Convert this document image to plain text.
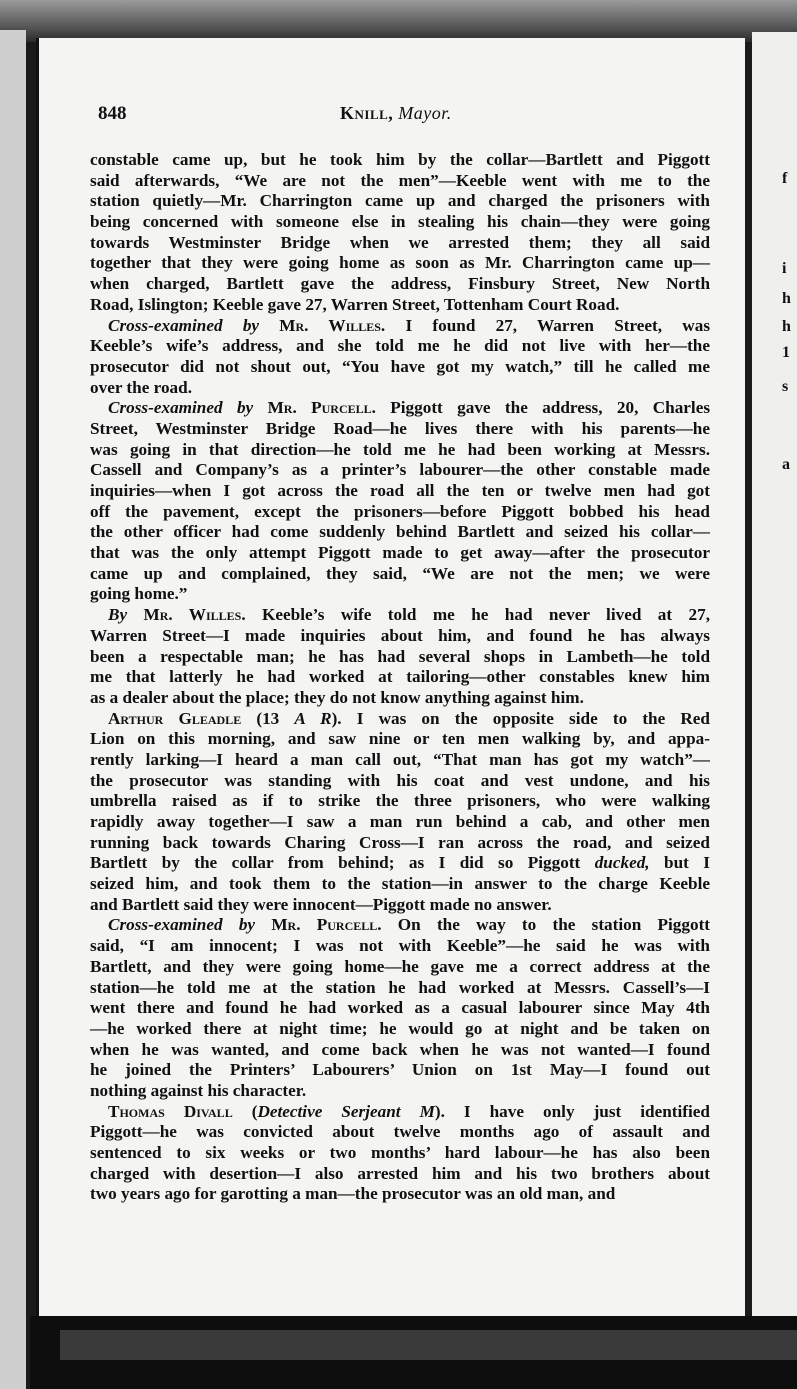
f
i
h
h
1
s
a
848	Knill, Mayor.
constable came up, but he took him by the collar—Bartlett and Piggott
said afterwards, “We are not the men”—Keeble went with me to the
station quietly—Mr. Charrington came up and charged the prisoners with
being concerned with someone else in stealing his chain—they were going
towards Westminster Bridge when we arrested them; they all said
together that they were going home as soon as Mr. Charrington came up—
when charged, Bartlett gave the address, Finsbury Street, New North
Road, Islington; Keeble gave 27, Warren Street, Tottenham Court Road.
Cross-examined by Mr. Willes. I found 27, Warren Street, was
Keeble’s wife’s address, and she told me he did not live with her—the
prosecutor did not shout out, “You have got my watch,” till he called me
over the road.
Cross-examined by Mr. Purcell. Piggott gave the address, 20, Charles
Street, Westminster Bridge Road—he lives there with his parents—he
was going in that direction—he told me he had been working at Messrs.
Cassell and Company’s as a printer’s labourer—the other constable made
inquiries—when I got across the road all the ten or twelve men had got
off the pavement, except the prisoners—before Piggott bobbed his head
the other officer had come suddenly behind Bartlett and seized his collar—
that was the only attempt Piggott made to get away—after the prosecutor
came up and complained, they said, “We are not the men; we were
going home.”
By Mr. Willes. Keeble’s wife told me he had never lived at 27,
Warren Street—I made inquiries about him, and found he has always
been a respectable man; he has had several shops in Lambeth—he told
me that latterly he had worked at tailoring—other constables knew him
as a dealer about the place; they do not know anything against him.
Arthur Gleadle (13 A R). I was on the opposite side to the Red
Lion on this morning, and saw nine or ten men walking by, and appa-
rently larking—I heard a man call out, “That man has got my watch”—
the prosecutor was standing with his coat and vest undone, and his
umbrella raised as if to strike the three prisoners, who were walking
rapidly away together—I saw a man run behind a cab, and other men
running back towards Charing Cross—I ran across the road, and seized
Bartlett by the collar from behind; as I did so Piggott ducked, but I
seized him, and took them to the station—in answer to the charge Keeble
and Bartlett said they were innocent—Piggott made no answer.
Cross-examined by Mr. Purcell. On the way to the station Piggott
said, “I am innocent; I was not with Keeble”—he said he was with
Bartlett, and they were going home—he gave me a correct address at the
station—he told me at the station he had worked at Messrs. Cassell’s—I
went there and found he had worked as a casual labourer since May 4th
—he worked there at night time; he would go at night and be taken on
when he was wanted, and come back when he was not wanted—I found
he joined the Printers’ Labourers’ Union on 1st May—I found out
nothing against his character.
Thomas Divall (Detective Serjeant M). I have only just identified
Piggott—he was convicted about twelve months ago of assault and
sentenced to six weeks or two months’ hard labour—he has also been
charged with desertion—I also arrested him and his two brothers about
two years ago for garotting a man—the prosecutor was an old man, and
